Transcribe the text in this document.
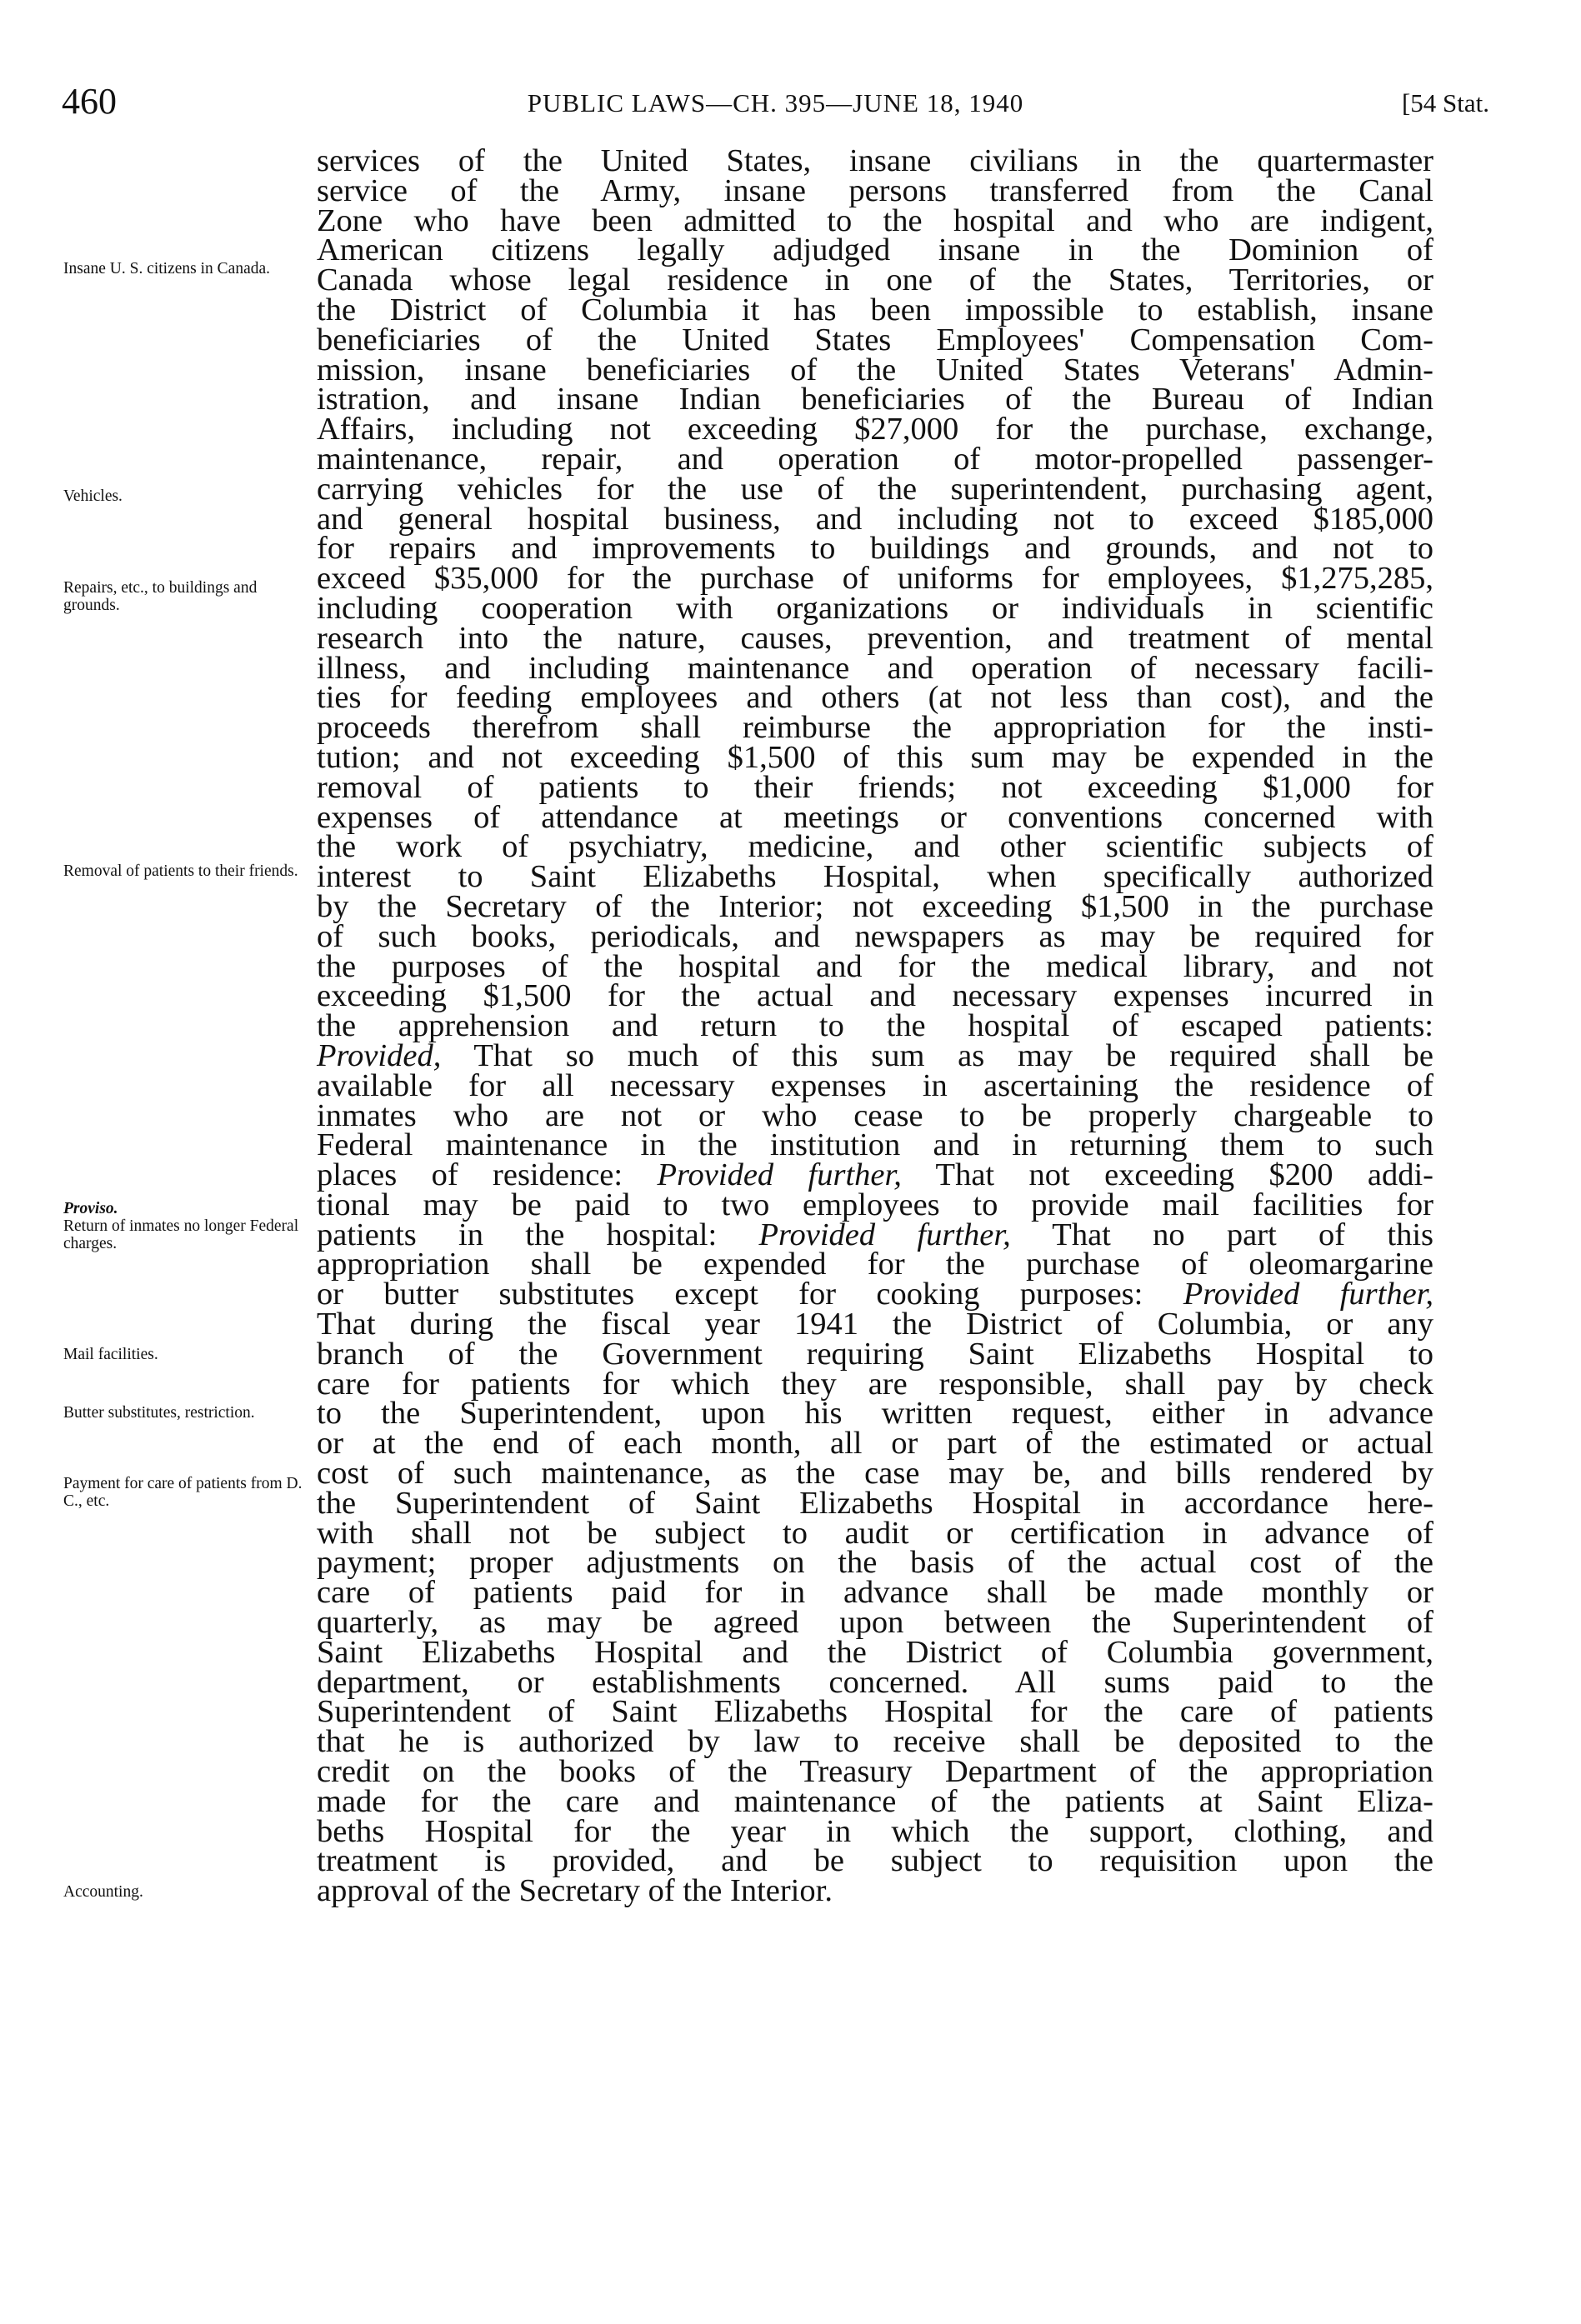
460	PUBLIC LAWS—CH. 395—JUNE 18, 1940	[54 Stat.
Insane U. S. citizens in Canada.
Vehicles.
Repairs, etc., to buildings and grounds.
Removal of patients to their friends.
Proviso.
Return of inmates no longer Federal charges.
Mail facilities.
Butter substitutes, restriction.
Payment for care of patients from D. C., etc.
Accounting.
services of the United States, insane civilians in the quartermaster
service of the Army, insane persons transferred from the Canal
Zone who have been admitted to the hospital and who are indigent,
American citizens legally adjudged insane in the Dominion of
Canada whose legal residence in one of the States, Territories, or
the District of Columbia it has been impossible to establish, insane
beneficiaries of the United States Employees' Compensation Com-
mission, insane beneficiaries of the United States Veterans' Admin-
istration, and insane Indian beneficiaries of the Bureau of Indian
Affairs, including not exceeding $27,000 for the purchase, exchange,
maintenance, repair, and operation of motor-propelled passenger-
carrying vehicles for the use of the superintendent, purchasing agent,
and general hospital business, and including not to exceed $185,000
for repairs and improvements to buildings and grounds, and not to
exceed $35,000 for the purchase of uniforms for employees, $1,275,285,
including cooperation with organizations or individuals in scientific
research into the nature, causes, prevention, and treatment of mental
illness, and including maintenance and operation of necessary facili-
ties for feeding employees and others (at not less than cost), and the
proceeds therefrom shall reimburse the appropriation for the insti-
tution; and not exceeding $1,500 of this sum may be expended in the
removal of patients to their friends; not exceeding $1,000 for
expenses of attendance at meetings or conventions concerned with
the work of psychiatry, medicine, and other scientific subjects of
interest to Saint Elizabeths Hospital, when specifically authorized
by the Secretary of the Interior; not exceeding $1,500 in the purchase
of such books, periodicals, and newspapers as may be required for
the purposes of the hospital and for the medical library, and not
exceeding $1,500 for the actual and necessary expenses incurred in
the apprehension and return to the hospital of escaped patients:
Provided, That so much of this sum as may be required shall be
available for all necessary expenses in ascertaining the residence of
inmates who are not or who cease to be properly chargeable to
Federal maintenance in the institution and in returning them to such
places of residence: Provided further, That not exceeding $200 addi-
tional may be paid to two employees to provide mail facilities for
patients in the hospital: Provided further, That no part of this
appropriation shall be expended for the purchase of oleomargarine
or butter substitutes except for cooking purposes: Provided further,
That during the fiscal year 1941 the District of Columbia, or any
branch of the Government requiring Saint Elizabeths Hospital to
care for patients for which they are responsible, shall pay by check
to the Superintendent, upon his written request, either in advance
or at the end of each month, all or part of the estimated or actual
cost of such maintenance, as the case may be, and bills rendered by
the Superintendent of Saint Elizabeths Hospital in accordance here-
with shall not be subject to audit or certification in advance of
payment; proper adjustments on the basis of the actual cost of the
care of patients paid for in advance shall be made monthly or
quarterly, as may be agreed upon between the Superintendent of
Saint Elizabeths Hospital and the District of Columbia government,
department, or establishments concerned. All sums paid to the
Superintendent of Saint Elizabeths Hospital for the care of patients
that he is authorized by law to receive shall be deposited to the
credit on the books of the Treasury Department of the appropriation
made for the care and maintenance of the patients at Saint Eliza-
beths Hospital for the year in which the support, clothing, and
treatment is provided, and be subject to requisition upon the
approval of the Secretary of the Interior.
